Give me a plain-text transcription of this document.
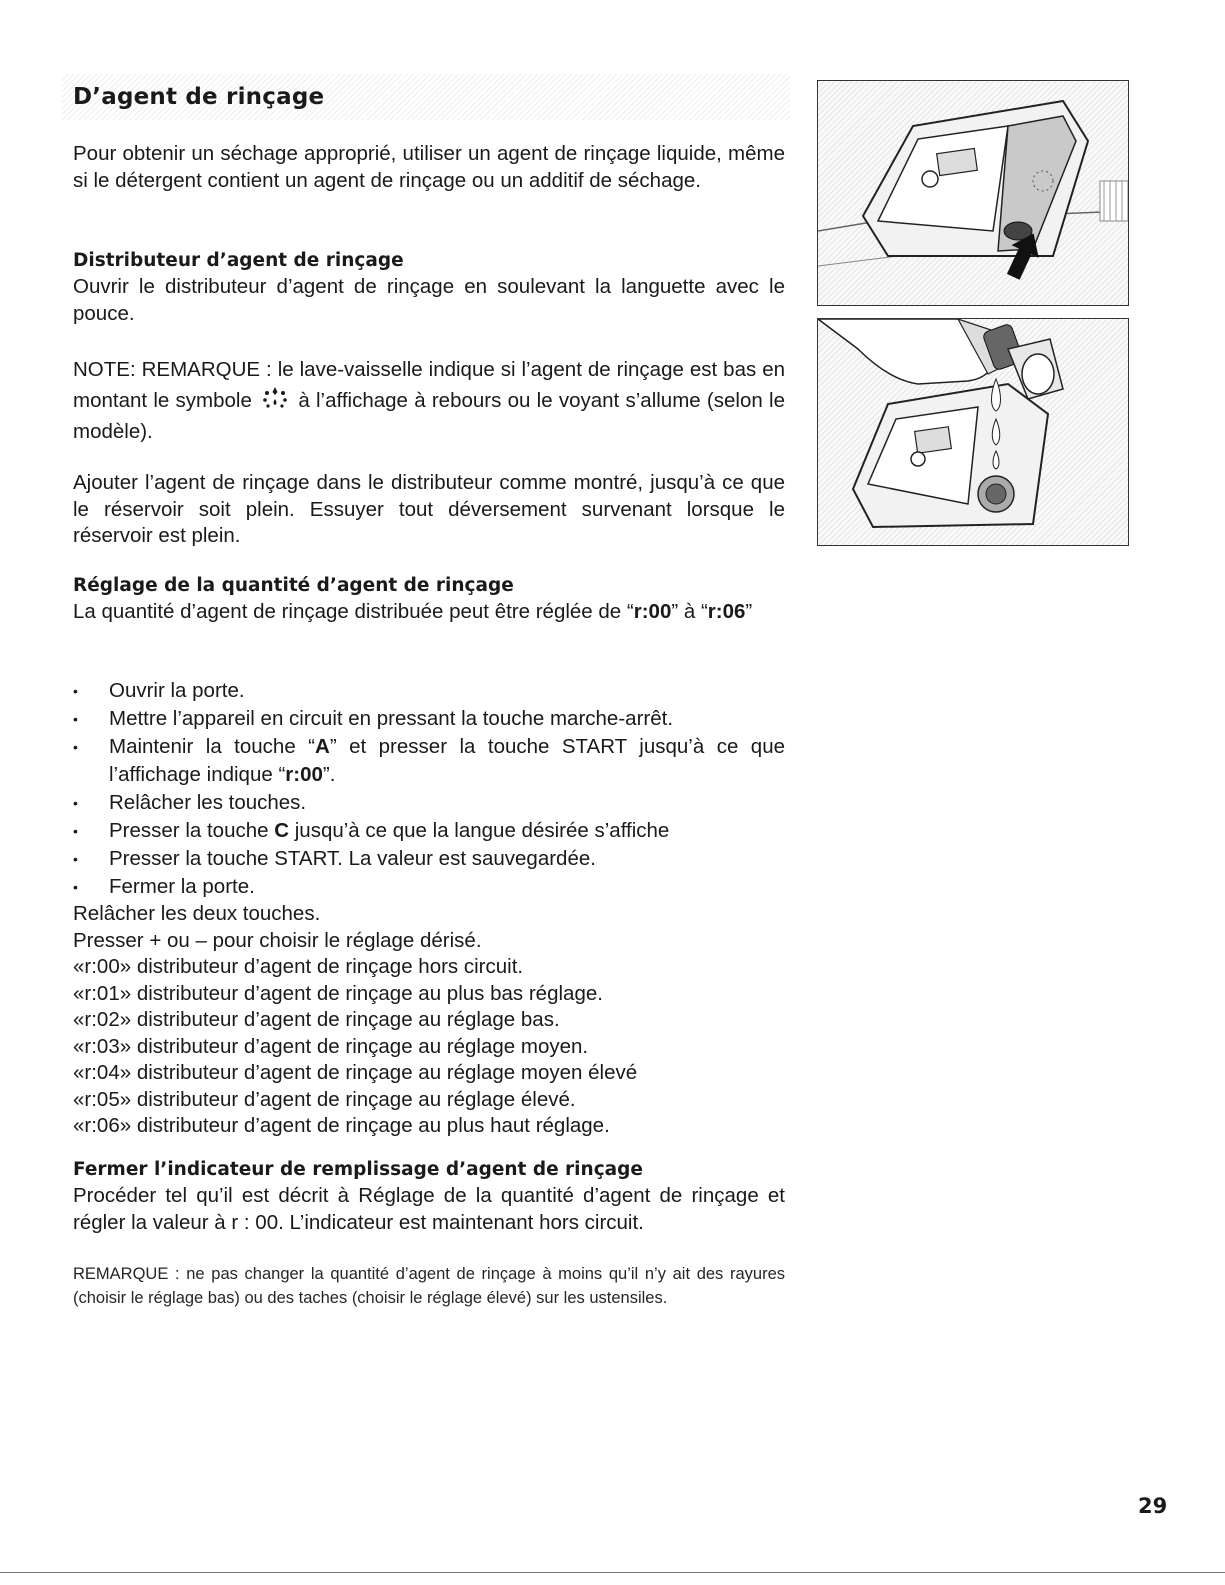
D’agent de rinçage

Pour obtenir un séchage approprié, utiliser un agent de rinçage liquide, même si le détergent contient un agent de rinçage ou un additif de séchage.

Distributeur d’agent de rinçage

Ouvrir le distributeur d’agent de rinçage en soulevant la languette avec le pouce.

NOTE: REMARQUE : le lave-vaisselle indique si l’agent de rinçage est bas en montant le symbole à l’affichage à rebours ou le voyant s’allume (selon le modèle).

Ajouter l’agent de rinçage dans le distributeur comme montré, jusqu’à ce que le réservoir soit plein. Essuyer tout déversement survenant lorsque le réservoir est plein.

Réglage de la quantité d’agent de rinçage

La quantité d’agent de rinçage distribuée peut être réglée de “r:00” à “r:06”

• Ouvrir la porte.
• Mettre l’appareil en circuit en pressant la touche marche-arrêt.
• Maintenir la touche “A” et presser la touche START jusqu’à ce que l’affichage indique “r:00”.
• Relâcher les touches.
• Presser la touche C jusqu’à ce que la langue désirée s’affiche
• Presser la touche START. La valeur est sauvegardée.
• Fermer la porte.

Relâcher les deux touches.

Presser + ou – pour choisir le réglage dérisé.

«r:00» distributeur d’agent de rinçage hors circuit.

«r:01» distributeur d’agent de rinçage au plus bas réglage.

«r:02» distributeur d’agent de rinçage au réglage bas.

«r:03» distributeur d’agent de rinçage au réglage moyen.

«r:04» distributeur d’agent de rinçage au réglage moyen élevé

«r:05» distributeur d’agent de rinçage au réglage élevé.

«r:06» distributeur d’agent de rinçage au plus haut réglage.

Fermer l’indicateur de remplissage d’agent de rinçage

Procéder tel qu’il est décrit à Réglage de la quantité d’agent de rinçage et régler la valeur à r : 00. L’indicateur est maintenant hors circuit.

REMARQUE : ne pas changer la quantité d’agent de rinçage à moins qu’il n’y ait des rayures (choisir le réglage bas) ou des taches (choisir le réglage élevé) sur les ustensiles.

29
